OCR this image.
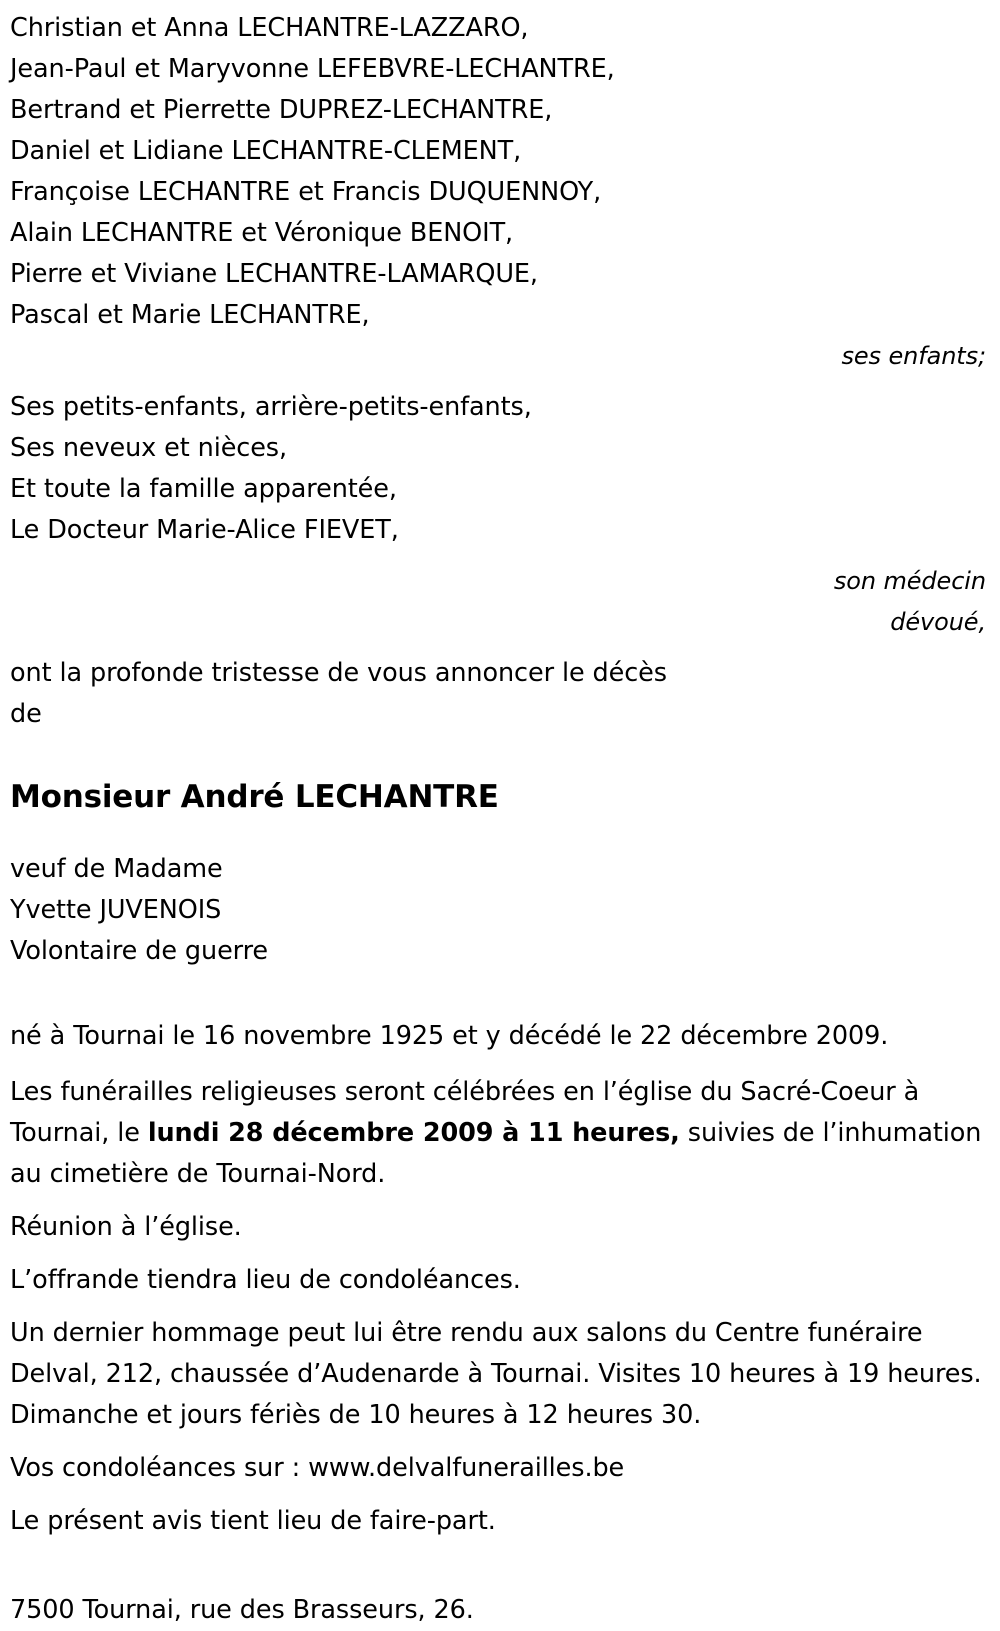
Christian et Anna LECHANTRE-LAZZARO,
Jean-Paul et Maryvonne LEFEBVRE-LECHANTRE,
Bertrand et Pierrette DUPREZ-LECHANTRE,
Daniel et Lidiane LECHANTRE-CLEMENT,
Françoise LECHANTRE et Francis DUQUENNOY,
Alain LECHANTRE et Véronique BENOIT,
Pierre et Viviane LECHANTRE-LAMARQUE,
Pascal et Marie LECHANTRE,
ses enfants;
Ses petits-enfants, arrière-petits-enfants,
Ses neveux et nièces,
Et toute la famille apparentée,
Le Docteur Marie-Alice FIEVET,
son médecin
dévoué,
ont la profonde tristesse de vous annoncer le décès
de
Monsieur André LECHANTRE
veuf de Madame
Yvette JUVENOIS
Volontaire de guerre
né à Tournai le 16 novembre 1925 et y décédé le 22 décembre 2009.

Les funérailles religieuses seront célébrées en l’église du Sacré-Coeur à Tournai, le lundi 28 décembre 2009 à 11 heures, suivies de l’inhumation au cimetière de Tournai-Nord.

Réunion à l’église.

L’offrande tiendra lieu de condoléances.

Un dernier hommage peut lui être rendu aux salons du Centre funéraire Delval, 212, chaussée d’Audenarde à Tournai. Visites 10 heures à 19 heures. Dimanche et jours fériès de 10 heures à 12 heures 30.

Vos condoléances sur : www.delvalfunerailles.be

Le présent avis tient lieu de faire-part.

7500 Tournai, rue des Brasseurs, 26.
